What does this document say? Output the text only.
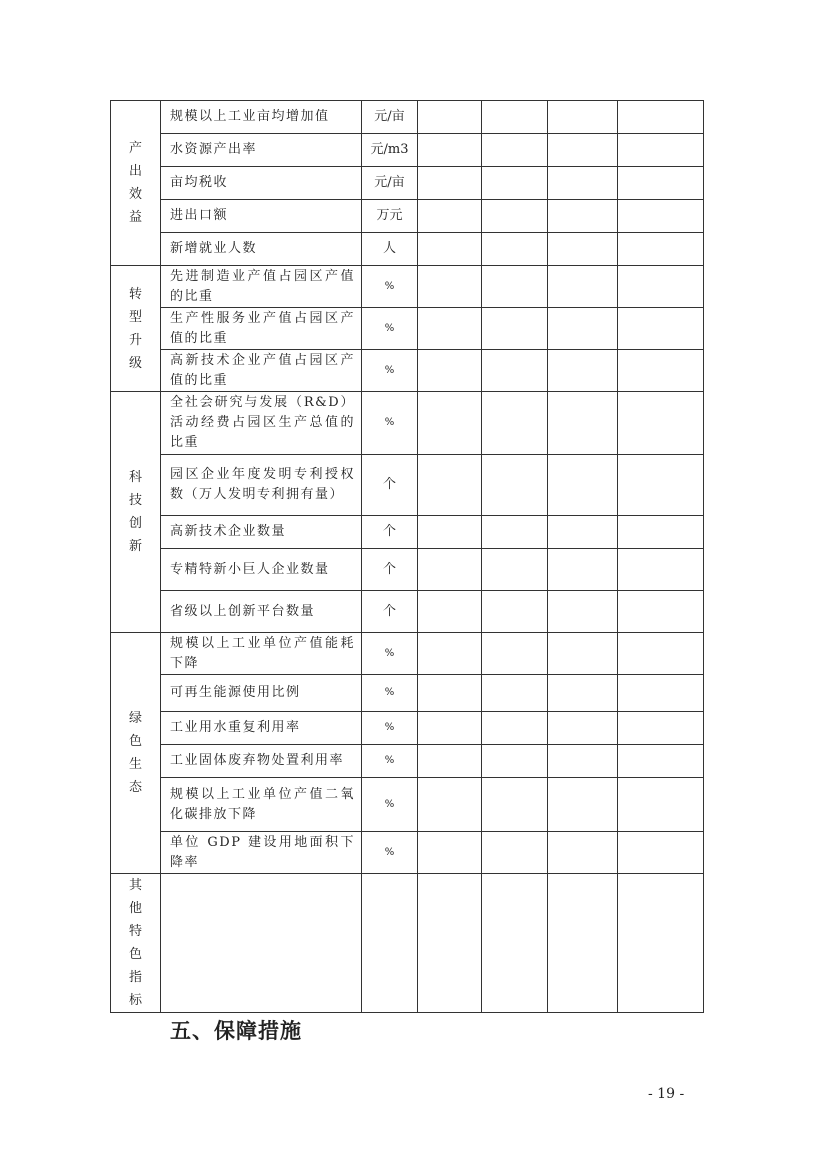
产出效益	规模以上工业亩均增加值	元/亩				
	水资源产出率	元/m3				
	亩均税收	元/亩				
	进出口额	万元				
	新增就业人数	人				
转型升级	先进制造业产值占园区产值的比重	%				
	生产性服务业产值占园区产值的比重	%				
	高新技术企业产值占园区产值的比重	%				
科技创新	全社会研究与发展（R&D）活动经费占园区生产总值的比重	%				
	园区企业年度发明专利授权数（万人发明专利拥有量）	个				
	高新技术企业数量	个				
	专精特新小巨人企业数量	个				
	省级以上创新平台数量	个				
绿色生态	规模以上工业单位产值能耗下降	%				
	可再生能源使用比例	%				
	工业用水重复利用率	%				
	工业固体废弃物处置利用率	%				
	规模以上工业单位产值二氧化碳排放下降	%				
	单位 GDP 建设用地面积下降率	%				
其他特色指标						
五、保障措施
- 19 -
